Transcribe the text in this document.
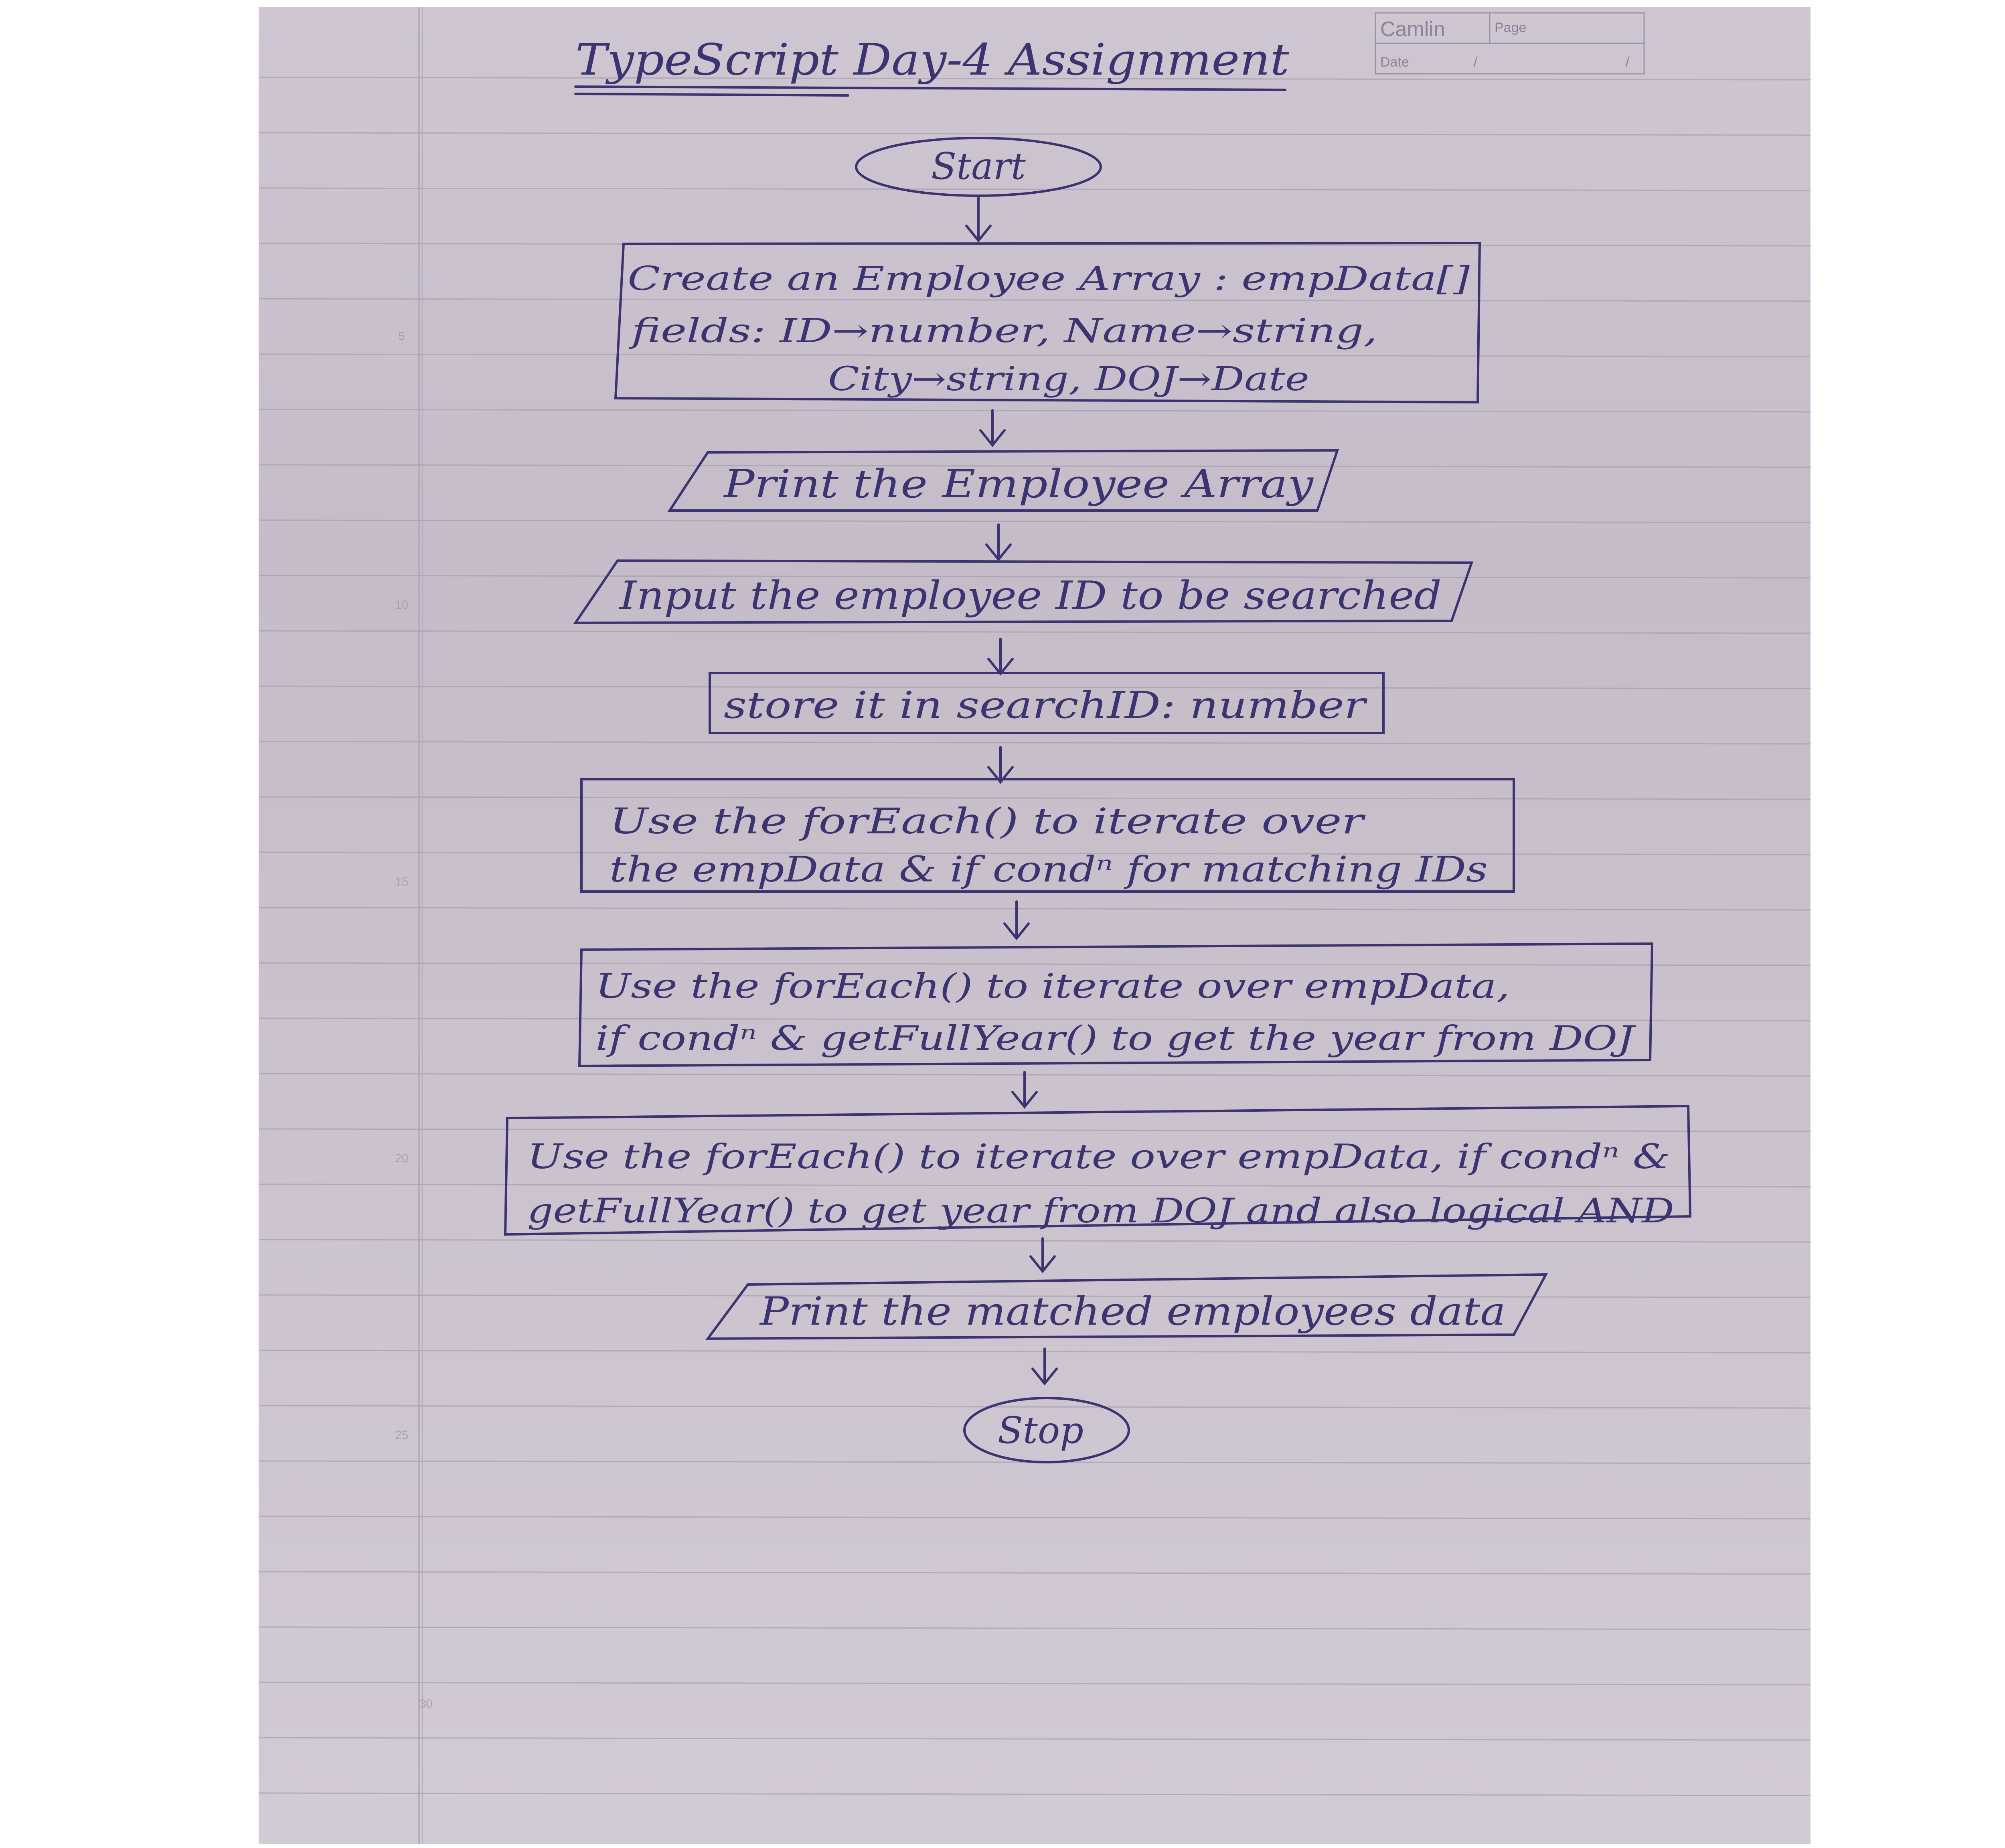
5
10
15
20
25
30
Camlin	Page
Date	/ /
TypeScript Day-4 Assignment
Start
Create an Employee Array : empData[]
fields: ID→number, Name→string,
City→string, DOJ→Date
Print the Employee Array
Input the employee ID to be searched
store it in searchID: number
Use the forEach() to iterate over
the empData & if condⁿ for matching IDs
Use the forEach() to iterate over empData,
if condⁿ & getFullYear() to get the year from DOJ
Use the forEach() to iterate over empData, if condⁿ &
getFullYear() to get year from DOJ and also logical AND
Print the matched employees data
Stop
